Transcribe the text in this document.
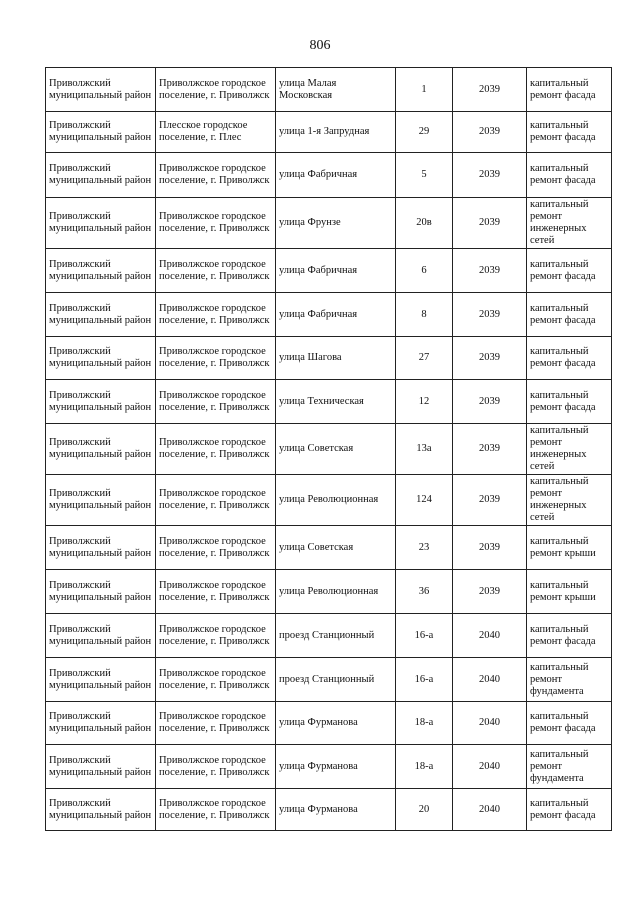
806
Приволжский муниципальный район	Приволжское городское поселение, г. Приволжск	улица Малая Московская	1	2039	капитальный ремонт фасада
Приволжский муниципальный район	Плесское городское поселение, г. Плес	улица 1-я Запрудная	29	2039	капитальный ремонт фасада
Приволжский муниципальный район	Приволжское городское поселение, г. Приволжск	улица Фабричная	5	2039	капитальный ремонт фасада
Приволжский муниципальный район	Приволжское городское поселение, г. Приволжск	улица Фрунзе	20в	2039	капитальный ремонт инженерных сетей
Приволжский муниципальный район	Приволжское городское поселение, г. Приволжск	улица Фабричная	6	2039	капитальный ремонт фасада
Приволжский муниципальный район	Приволжское городское поселение, г. Приволжск	улица Фабричная	8	2039	капитальный ремонт фасада
Приволжский муниципальный район	Приволжское городское поселение, г. Приволжск	улица Шагова	27	2039	капитальный ремонт фасада
Приволжский муниципальный район	Приволжское городское поселение, г. Приволжск	улица Техническая	12	2039	капитальный ремонт фасада
Приволжский муниципальный район	Приволжское городское поселение, г. Приволжск	улица Советская	13а	2039	капитальный ремонт инженерных сетей
Приволжский муниципальный район	Приволжское городское поселение, г. Приволжск	улица Революционная	124	2039	капитальный ремонт инженерных сетей
Приволжский муниципальный район	Приволжское городское поселение, г. Приволжск	улица Советская	23	2039	капитальный ремонт крыши
Приволжский муниципальный район	Приволжское городское поселение, г. Приволжск	улица Революционная	36	2039	капитальный ремонт крыши
Приволжский муниципальный район	Приволжское городское поселение, г. Приволжск	проезд Станционный	16-а	2040	капитальный ремонт фасада
Приволжский муниципальный район	Приволжское городское поселение, г. Приволжск	проезд Станционный	16-а	2040	капитальный ремонт фундамента
Приволжский муниципальный район	Приволжское городское поселение, г. Приволжск	улица Фурманова	18-а	2040	капитальный ремонт фасада
Приволжский муниципальный район	Приволжское городское поселение, г. Приволжск	улица Фурманова	18-а	2040	капитальный ремонт фундамента
Приволжский муниципальный район	Приволжское городское поселение, г. Приволжск	улица Фурманова	20	2040	капитальный ремонт фасада
